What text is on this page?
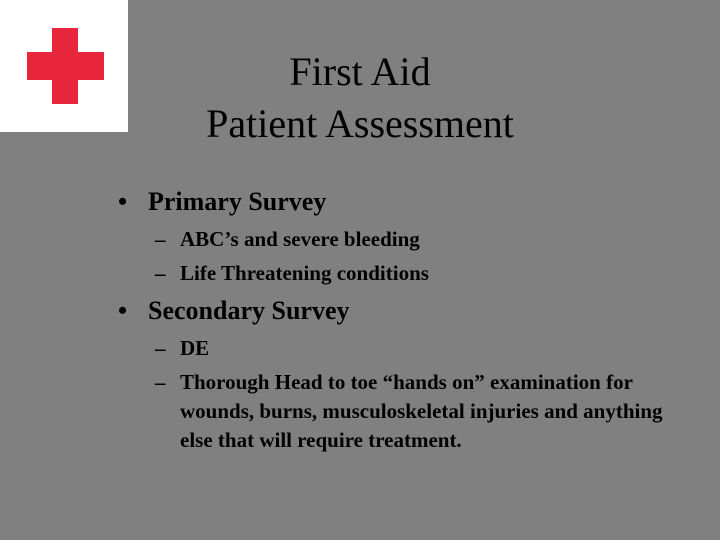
First Aid
Patient Assessment
• Primary Survey
– ABC’s and severe bleeding
– Life Threatening conditions
• Secondary Survey
– DE
– Thorough Head to toe “hands on” examination for wounds, burns, musculoskeletal injuries and anything else that will require treatment.
